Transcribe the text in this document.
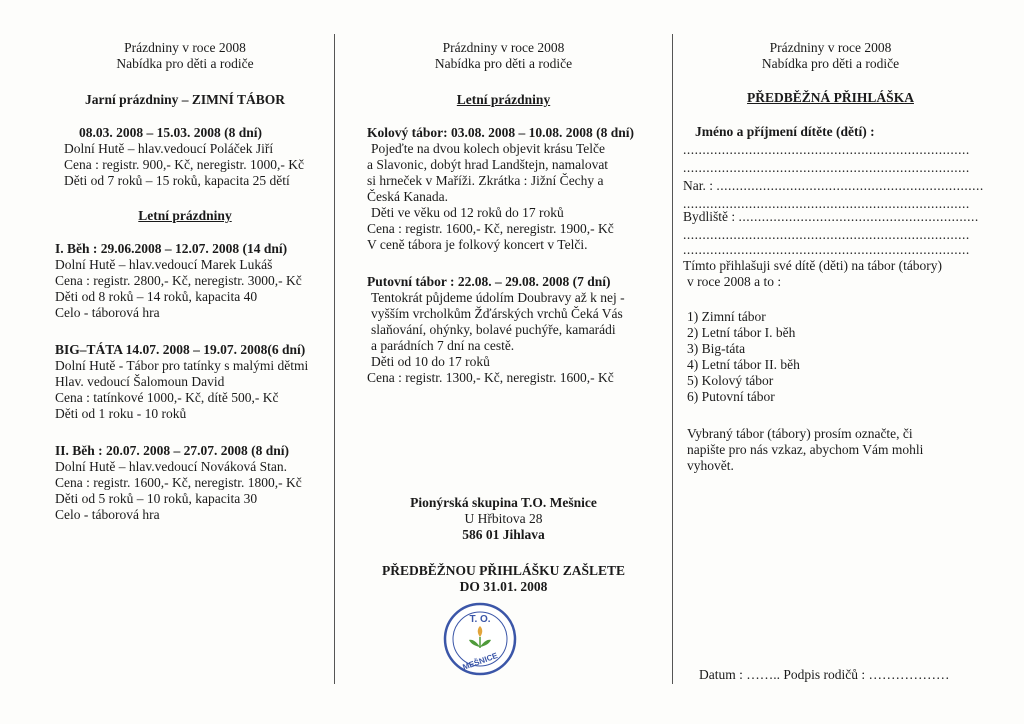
Prázdniny v roce 2008
Nabídka pro děti a rodiče
Jarní prázdniny – ZIMNÍ TÁBOR
08.03. 2008 – 15.03. 2008 (8 dní)
Dolní Hutě – hlav.vedoucí Poláček Jiří
Cena : registr. 900,- Kč, neregistr. 1000,- Kč
Děti od 7 roků – 15 roků, kapacita 25 dětí
Letní prázdniny
I. Běh : 29.06.2008 – 12.07. 2008 (14 dní)
Dolní Hutě – hlav.vedoucí Marek Lukáš
Cena : registr. 2800,- Kč, neregistr. 3000,- Kč
Děti od 8 roků – 14 roků, kapacita 40
Celo - táborová hra
BIG–TÁTA 14.07. 2008 – 19.07. 2008(6 dní)
Dolní Hutě - Tábor pro tatínky s malými dětmi
Hlav. vedoucí Šalomoun David
Cena : tatínkové 1000,- Kč, dítě 500,- Kč
Děti od 1 roku - 10 roků
II. Běh : 20.07. 2008 – 27.07. 2008 (8 dní)
Dolní Hutě – hlav.vedoucí Nováková Stan.
Cena : registr. 1600,- Kč, neregistr. 1800,- Kč
Děti od 5 roků – 10 roků, kapacita 30
Celo - táborová hra
Prázdniny v roce 2008
Nabídka pro děti a rodiče
Letní prázdniny
Kolový tábor: 03.08. 2008 – 10.08. 2008 (8 dní)
Pojeďte na dvou kolech objevit krásu Telče
a Slavonic, dobýt hrad Landštejn, namalovat
si hrneček v Maříži. Zkrátka : Jižní Čechy a
Česká Kanada.
Děti ve věku od 12 roků do 17 roků
Cena : registr. 1600,- Kč, neregistr. 1900,- Kč
V ceně tábora je folkový koncert v Telči.
Putovní tábor : 22.08. – 29.08. 2008 (7 dní)
Tentokrát půjdeme údolím Doubravy až k nej -
vyšším vrcholkům Žďárských vrchů Čeká Vás
slaňování, ohýnky, bolavé puchýře, kamarádi
a parádních 7 dní na cestě.
Děti od 10 do 17 roků
Cena : registr. 1300,- Kč, neregistr. 1600,- Kč
Pionýrská skupina T.O. Mešnice
U Hřbitova 28
586 01 Jihlava
PŘEDBĚŽNOU PŘIHLÁŠKU ZAŠLETE
DO 31.01. 2008
T. O.
MEŠNICE
Prázdniny v roce 2008
Nabídka pro děti a rodiče
PŘEDBĚŽNÁ PŘIHLÁŠKA
Jméno a příjmení dítěte (dětí) :
..........................................................................
..........................................................................
Nar. : .....................................................................
..........................................................................
Bydliště : ..............................................................
..........................................................................
..........................................................................
Tímto přihlašuji své dítě (děti) na tábor (tábory)
v roce 2008 a to :
1) Zimní tábor
2) Letní tábor I. běh
3) Big-táta
4) Letní tábor II. běh
5) Kolový tábor
6) Putovní tábor
Vybraný tábor (tábory) prosím označte, či
napište pro nás vzkaz, abychom Vám mohli
vyhovět.
Datum : …….. Podpis rodičů : ………………
